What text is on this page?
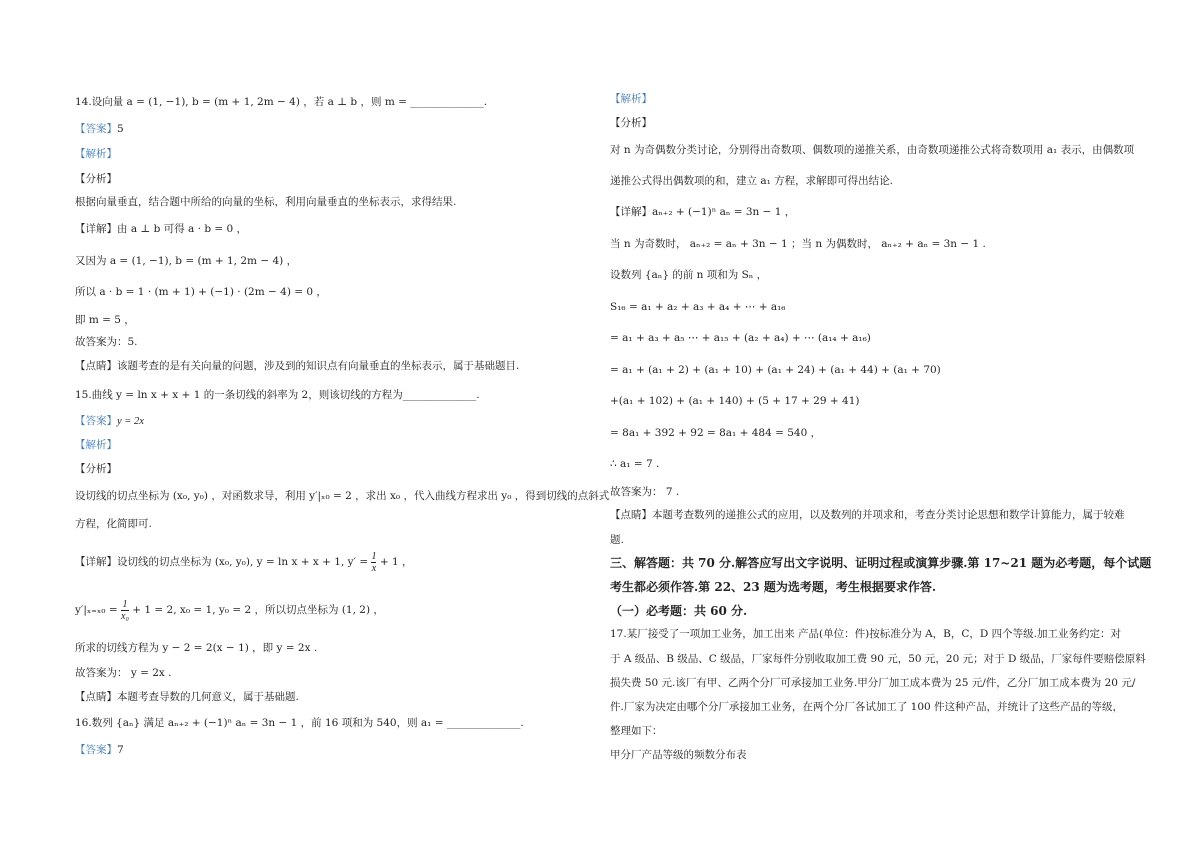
14.设向量 a = (1, −1), b = (m + 1, 2m − 4) ，若 a ⊥ b ，则 m = ______________.
【答案】5
【解析】
【分析】
根据向量垂直，结合题中所给的向量的坐标，利用向量垂直的坐标表示，求得结果.
【详解】由 a ⊥ b 可得 a · b = 0 ，
又因为 a = (1, −1), b = (m + 1, 2m − 4) ，
所以 a · b = 1 · (m + 1) + (−1) · (2m − 4) = 0 ，
即 m = 5 ，
故答案为：5.
【点睛】该题考查的是有关向量的问题，涉及到的知识点有向量垂直的坐标表示，属于基础题目.
15.曲线 y = ln x + x + 1 的一条切线的斜率为 2，则该切线的方程为______________.
【答案】y = 2x
【解析】
【分析】
设切线的切点坐标为 (x₀, y₀) ，对函数求导，利用 y′|ₓ₀ = 2 ，求出 x₀ ，代入曲线方程求出 y₀ ，得到切线的点斜式
方程，化简即可.
【详解】设切线的切点坐标为 (x₀, y₀), y = ln x + x + 1, $y' = \frac{1}{x} + 1$ ，
$y'|_{x=x0} = \frac{1}{\text{x₀}} + 1 = 2$, x₀ = 1, y₀ = 2 ，所以切点坐标为 (1, 2) ，
所求的切线方程为 y − 2 = 2(x − 1) ，即 y = 2x .
故答案为： y = 2x .
【点睛】本题考查导数的几何意义，属于基础题.
16.数列 {aₙ} 满足 aₙ₊₂ + (−1)ⁿ aₙ = 3n − 1 ，前 16 项和为 540，则 a₁ = ______________.
【答案】7
【解析】
【分析】
对 n 为奇偶数分类讨论，分别得出奇数项、偶数项的递推关系，由奇数项递推公式将奇数项用 a₁ 表示，由偶数项
递推公式得出偶数项的和，建立 a₁ 方程，求解即可得出结论.
【详解】aₙ₊₂ + (−1)ⁿ aₙ = 3n − 1 ，
当 n 为奇数时， aₙ₊₂ = aₙ + 3n − 1 ；当 n 为偶数时， aₙ₊₂ + aₙ = 3n − 1 .
设数列 {aₙ} 的前 n 项和为 Sₙ ，
S₁₆ = a₁ + a₂ + a₃ + a₄ + ⋯ + a₁₆
= a₁ + a₃ + a₅ ⋯ + a₁₅ + (a₂ + a₄) + ⋯ (a₁₄ + a₁₆)
= a₁ + (a₁ + 2) + (a₁ + 10) + (a₁ + 24) + (a₁ + 44) + (a₁ + 70)
+(a₁ + 102) + (a₁ + 140) + (5 + 17 + 29 + 41)
= 8a₁ + 392 + 92 = 8a₁ + 484 = 540 ，
∴ a₁ = 7 .
故答案为： 7 .
【点睛】本题考查数列的递推公式的应用，以及数列的并项求和，考查分类讨论思想和数学计算能力，属于较难
题.
三、解答题：共 70 分.解答应写出文字说明、证明过程或演算步骤.第 17~21 题为必考题，每个试题
考生都必须作答.第 22、23 题为选考题，考生根据要求作答.
（一）必考题：共 60 分.
17.某厂接受了一项加工业务，加工出来 产品(单位：件)按标准分为 A，B，C，D 四个等级.加工业务约定：对
于 A 级品、B 级品、C 级品，厂家每件分别收取加工费 90 元，50 元，20 元；对于 D 级品，厂家每件要赔偿原料
损失费 50 元.该厂有甲、乙两个分厂可承接加工业务.甲分厂加工成本费为 25 元/件，乙分厂加工成本费为 20 元/
件.厂家为决定由哪个分厂承接加工业务，在两个分厂各试加工了 100 件这种产品，并统计了这些产品的等级，
整理如下：
甲分厂产品等级的频数分布表
